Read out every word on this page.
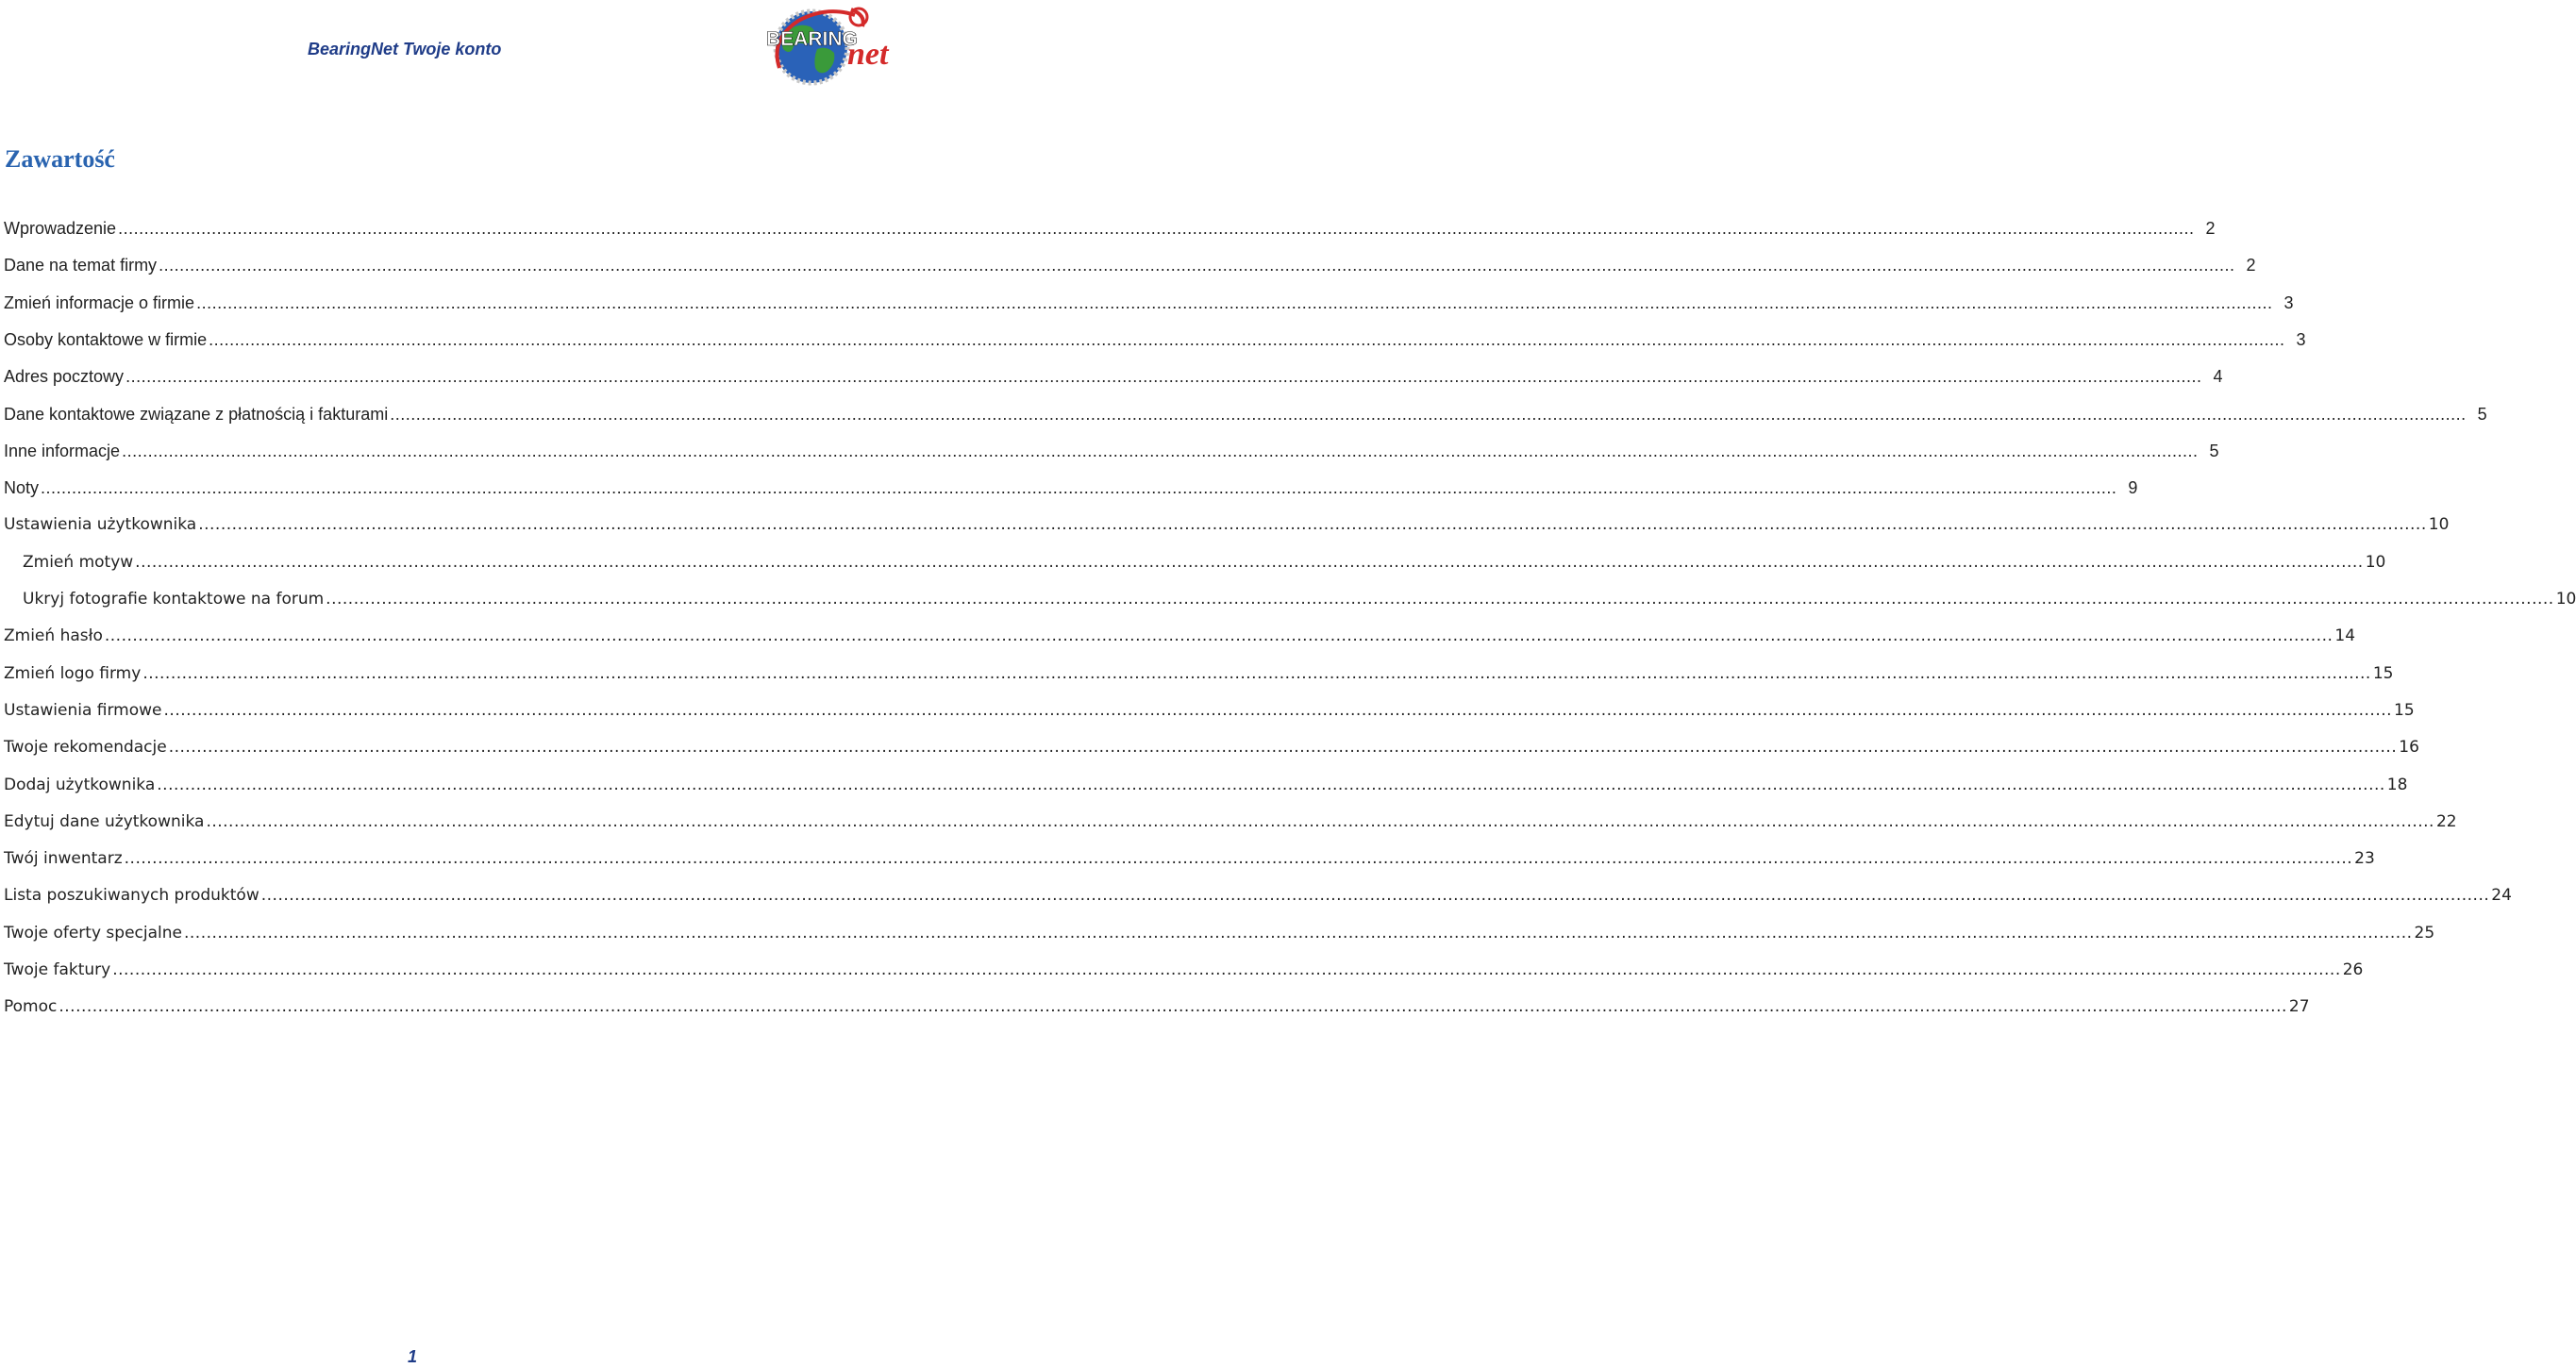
BearingNet Twoje konto	BEARING
net
Zawartość
Wprowadzenie ................................................................................................................................................................................................................................................................................................................................................................................................................ 2
Dane na temat firmy ................................................................................................................................................................................................................................................................................................................................................................................................................ 2
Zmień informacje o firmie ................................................................................................................................................................................................................................................................................................................................................................................................................ 3
Osoby kontaktowe w firmie ................................................................................................................................................................................................................................................................................................................................................................................................................ 3
Adres pocztowy ................................................................................................................................................................................................................................................................................................................................................................................................................ 4
Dane kontaktowe związane z płatnością i fakturami ................................................................................................................................................................................................................................................................................................................................................................................................................ 5
Inne informacje ................................................................................................................................................................................................................................................................................................................................................................................................................ 5
Noty ................................................................................................................................................................................................................................................................................................................................................................................................................ 9
Ustawienia użytkownika ................................................................................................................................................................................................................................................................................................................................................................................................................ 10
Zmień motyw ................................................................................................................................................................................................................................................................................................................................................................................................................ 10
Ukryj fotografie kontaktowe na forum ................................................................................................................................................................................................................................................................................................................................................................................................................ 10
Zmień hasło ................................................................................................................................................................................................................................................................................................................................................................................................................ 14
Zmień logo firmy ................................................................................................................................................................................................................................................................................................................................................................................................................ 15
Ustawienia firmowe ................................................................................................................................................................................................................................................................................................................................................................................................................ 15
Twoje rekomendacje ................................................................................................................................................................................................................................................................................................................................................................................................................ 16
Dodaj użytkownika ................................................................................................................................................................................................................................................................................................................................................................................................................ 18
Edytuj dane użytkownika ................................................................................................................................................................................................................................................................................................................................................................................................................ 22
Twój inwentarz ................................................................................................................................................................................................................................................................................................................................................................................................................ 23
Lista poszukiwanych produktów ................................................................................................................................................................................................................................................................................................................................................................................................................ 24
Twoje oferty specjalne ................................................................................................................................................................................................................................................................................................................................................................................................................ 25
Twoje faktury ................................................................................................................................................................................................................................................................................................................................................................................................................ 26
Pomoc ................................................................................................................................................................................................................................................................................................................................................................................................................ 27
1
